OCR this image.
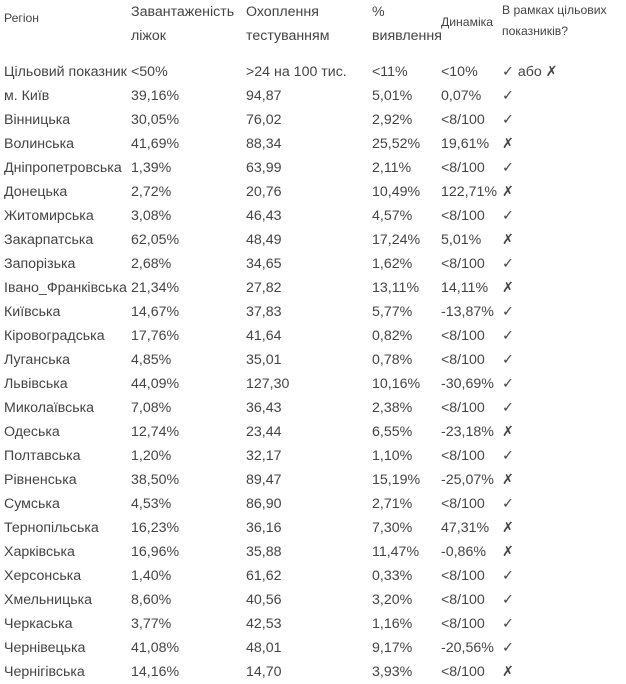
Регіон	Завантаженість ліжок	Охоплення тестуванням	% виявлення	Динаміка	В рамках цільових показників?
Цільовий показник	<50%	>24 на 100 тис.	<11%	<10%	✓ або ✗
м. Київ	39,16%	94,87	5,01%	0,07%	✓
Вінницька	30,05%	76,02	2,92%	<8/100	✓
Волинська	41,69%	88,34	25,52%	19,61%	✗
Дніпропетровська	1,39%	63,99	2,11%	<8/100	✓
Донецька	2,72%	20,76	10,49%	122,71%	✗
Житомирська	3,08%	46,43	4,57%	<8/100	✓
Закарпатська	62,05%	48,49	17,24%	5,01%	✗
Запорізька	2,68%	34,65	1,62%	<8/100	✓
Івано_Франківська	21,34%	27,82	13,11%	14,11%	✗
Київська	14,67%	37,83	5,77%	-13,87%	✓
Кіровоградська	17,76%	41,64	0,82%	<8/100	✓
Луганська	4,85%	35,01	0,78%	<8/100	✓
Львівська	44,09%	127,30	10,16%	-30,69%	✓
Миколаївська	7,08%	36,43	2,38%	<8/100	✓
Одеська	12,74%	23,44	6,55%	-23,18%	✗
Полтавська	1,20%	32,17	1,10%	<8/100	✓
Рівненська	38,50%	89,47	15,19%	-25,07%	✗
Сумська	4,53%	86,90	2,71%	<8/100	✓
Тернопільська	16,23%	36,16	7,30%	47,31%	✗
Харківська	16,96%	35,88	11,47%	-0,86%	✗
Херсонська	1,40%	61,62	0,33%	<8/100	✓
Хмельницька	8,60%	40,56	3,20%	<8/100	✓
Черкаська	3,77%	42,53	1,16%	<8/100	✓
Чернівецька	41,08%	48,01	9,17%	-20,56%	✓
Чернігівська	14,16%	14,70	3,93%	<8/100	✗
